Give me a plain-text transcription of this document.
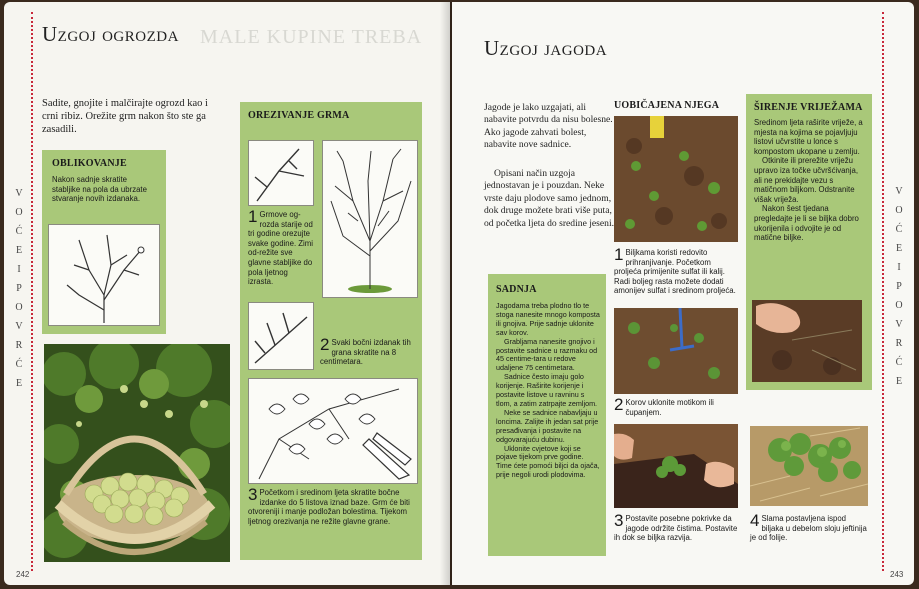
V
O
Ć
E
I
P
O
V
R
Ć
E
Uzgoj ogrozda MALE KUPINE TREBA
Sadite, gnojite i malčirajte ogrozd kao i crni ribiz. Orežite grm nakon što ste ga zasadili.
OBLIKOVANJE
Nakon sadnje skratite stabljike na pola da ubrzate stvaranje novih izdanaka.
OREZIVANJE GRMA
1 Grmove og-rozda starije od tri godine orezujte svake godine. Zimi od-režite sve glavne stabljike do pola ljetnog izrasta.
2 Svaki bočni izdanak tih grana skratite na 8 centimetara.
3 Početkom i sredinom ljeta skratite bočne izdanke do 5 listova iznad baze. Grm će biti otvoreniji i manje podložan bolestima. Tijekom ljetnog orezivanja ne režite glavne grane.
242
V
O
Ć
E
I
P
O
V
R
Ć
E
Uzgoj jagoda
Jagode je lako uzgajati, ali nabavite potvrdu da nisu bolesne. Ako jagode zahvati bolest, nabavite nove sadnice.
Opisani način uzgoja jednostavan je i pouzdan. Neke vrste daju plodove samo jednom, dok druge možete brati više puta, od početka ljeta do sredine jeseni.
SADNJA
Jagodama treba plodno tlo te stoga nanesite mnogo komposta ili gnojiva. Prije sadnje uklonite sav korov.
Grabljama nanesite gnojivo i postavite sadnice u razmaku od 45 centime-tara u redove udaljene 75 centimetara.
Sadnice često imaju golo korijenje. Raširite korijenje i postavite listove u ravninu s tlom, a zatim zatrpajte zemljom.
Neke se sadnice nabavljaju u loncima. Zalijte ih jedan sat prije presađivanja i postavite na odgovarajuću dubinu.
Uklonite cvjetove koji se pojave tijekom prve godine. Time ćete pomoći biljci da ojača, prije negoli urodi plodovima.
UOBIČAJENA NJEGA
1 Biljkama koristi redovito prihranjivanje. Početkom proljeća primijenite sulfat ili kalij. Radi boljeg rasta možete dodati amonijev sulfat i sredinom proljeća.
2 Korov uklonite motikom ili čupanjem.
3 Postavite posebne pokrivke da jagode održite čistima. Postavite ih dok se biljka razvija.
ŠIRENJE VRIJEŽAMA
Sredinom ljeta raširite vriježe, a mjesta na kojima se pojavljuju listovi učvrstite u lonce s kompostom ukopane u zemlju.
Otkinite ili prerežite vriježu upravo iza točke učvršćivanja, ali ne prekidajte vezu s matičnom biljkom. Odstranite višak vriježa.
Nakon šest tjedana pregledajte je li se biljka dobro ukorijenila i odvojite je od matične biljke.
4 Slama postavljena ispod biljaka u debelom sloju jeftinija je od folije.
243
